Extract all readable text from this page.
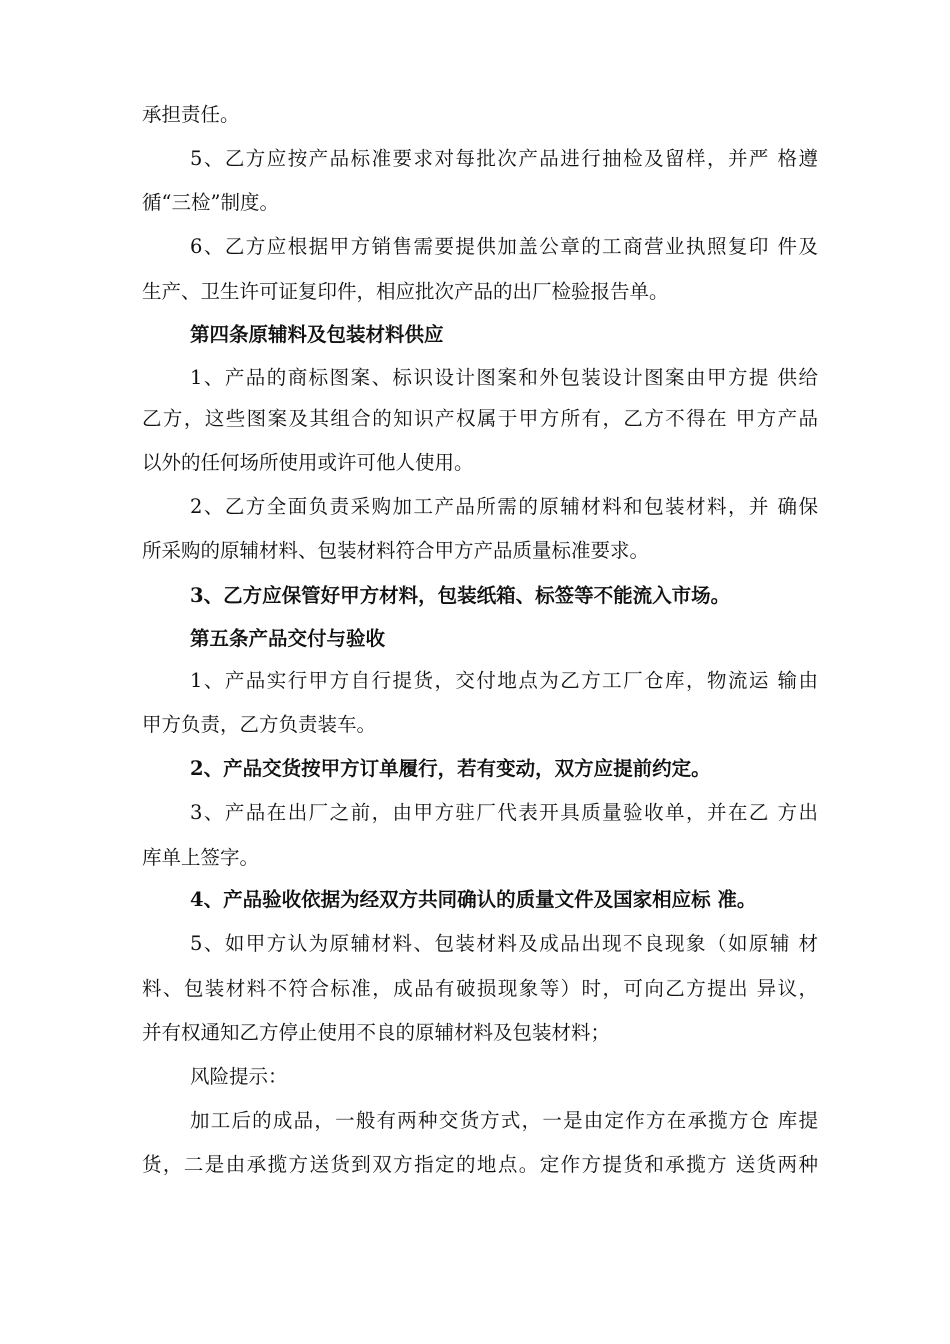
承担责任。
5、乙方应按产品标准要求对每批次产品进行抽检及留样，并严 格遵
循“三检”制度。
6、乙方应根据甲方销售需要提供加盖公章的工商营业执照复印 件及
生产、卫生许可证复印件，相应批次产品的出厂检验报告单。
第四条原辅料及包装材料供应
1、产品的商标图案、标识设计图案和外包装设计图案由甲方提 供给
乙方，这些图案及其组合的知识产权属于甲方所有，乙方不得在 甲方产品
以外的任何场所使用或许可他人使用。
2、乙方全面负责采购加工产品所需的原辅材料和包装材料，并 确保
所采购的原辅材料、包装材料符合甲方产品质量标准要求。
3、乙方应保管好甲方材料，包装纸箱、标签等不能流入市场。
第五条产品交付与验收
1、产品实行甲方自行提货，交付地点为乙方工厂仓库，物流运 输由
甲方负责，乙方负责装车。
2、产品交货按甲方订单履行，若有变动，双方应提前约定。
3、产品在出厂之前，由甲方驻厂代表开具质量验收单，并在乙 方出
库单上签字。
4、产品验收依据为经双方共同确认的质量文件及国家相应标 准。
5、如甲方认为原辅材料、包装材料及成品出现不良现象（如原辅 材
料、包装材料不符合标准，成品有破损现象等）时，可向乙方提出 异议，
并有权通知乙方停止使用不良的原辅材料及包装材料；
风险提示：
加工后的成品，一般有两种交货方式，一是由定作方在承揽方仓 库提
货，二是由承揽方送货到双方指定的地点。定作方提货和承揽方 送货两种
